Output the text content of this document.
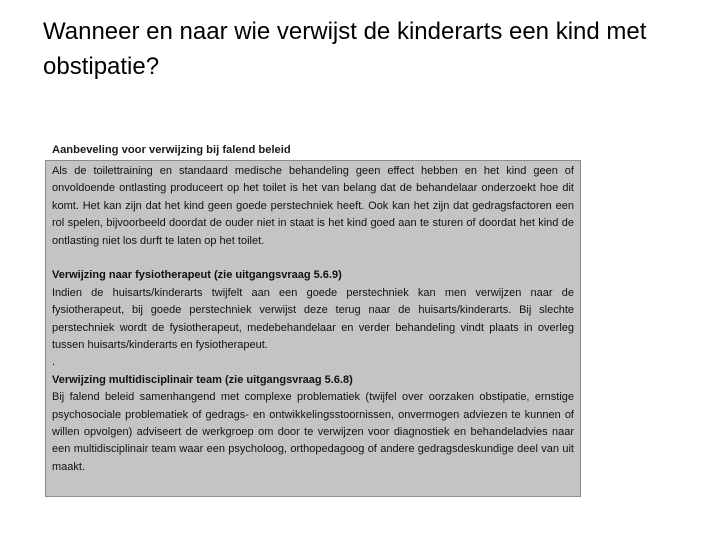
Wanneer en naar wie verwijst de kinderarts een kind met obstipatie?
Aanbeveling voor verwijzing bij falend beleid

Als de toilettraining en standaard medische behandeling geen effect hebben en het kind geen of onvoldoende ontlasting produceert op het toilet is het van belang dat de behandelaar onderzoekt hoe dit komt. Het kan zijn dat het kind geen goede perstechniek heeft. Ook kan het zijn dat gedragsfactoren een rol spelen, bijvoorbeeld doordat de ouder niet in staat is het kind goed aan te sturen of doordat het kind de ontlasting niet los durft te laten op het toilet.

Verwijzing naar fysiotherapeut (zie uitgangsvraag 5.6.9)

Indien de huisarts/kinderarts twijfelt aan een goede perstechniek kan men verwijzen naar de fysiotherapeut, bij goede perstechniek verwijst deze terug naar de huisarts/kinderarts. Bij slechte perstechniek wordt de fysiotherapeut, medebehandelaar en verder behandeling vindt plaats in overleg tussen huisarts/kinderarts en fysiotherapeut.

.

Verwijzing multidisciplinair team (zie uitgangsvraag 5.6.8)

Bij falend beleid samenhangend met complexe problematiek (twijfel over oorzaken obstipatie, ernstige psychosociale problematiek of gedrags- en ontwikkelingsstoornissen, onvermogen adviezen te kunnen of willen opvolgen) adviseert de werkgroep om door te verwijzen voor diagnostiek en behandeladvies naar een multidisciplinair team waar een psycholoog, orthopedagoog of andere gedragsdeskundige deel van uit maakt.
